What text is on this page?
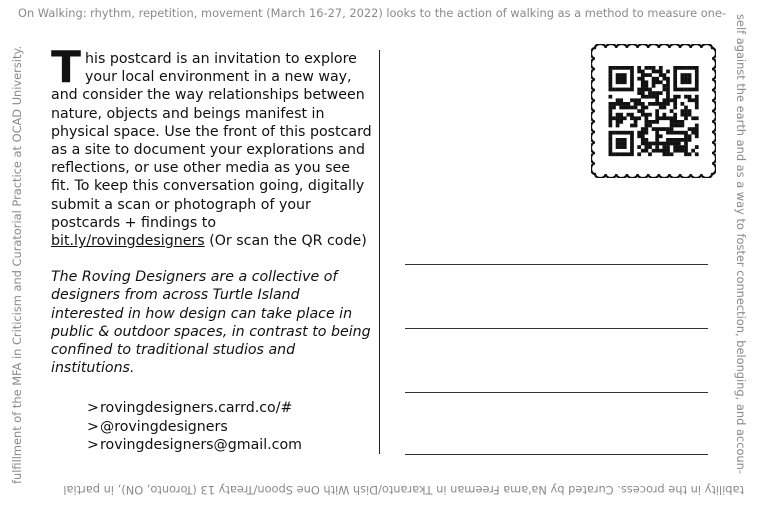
On Walking: rhythm, repetition, movement (March 16-27, 2022) looks to the action of walking as a method to measure one-
self against the earth and as a way to foster connection, belonging, and accoun-
tability in the process. Curated by Na'ama Freeman in Tkaranto/Dish With One Spoon/Treaty 13 (Toronto, ON), in partial
fulfillment of the MFA in Criticism and Curatorial Practice at OCAD University. This postcard is an invitation to explore your local environment in a new way, and consider the way relationships between nature, objects and beings manifest in physical space. Use the front of this postcard as a site to document your explorations and reflections, or use other media as you see fit. To keep this conversation going, digitally submit a scan or photograph of your postcards + findings to bit.ly/rovingdesigners (Or scan the QR code)

The Roving Designers are a collective of designers from across Turtle Island interested in how design can take place in public & outdoor spaces, in contrast to being confined to traditional studios and institutions.

>rovingdesigners.carrd.co/#
>@rovingdesigners
>rovingdesigners@gmail.com
